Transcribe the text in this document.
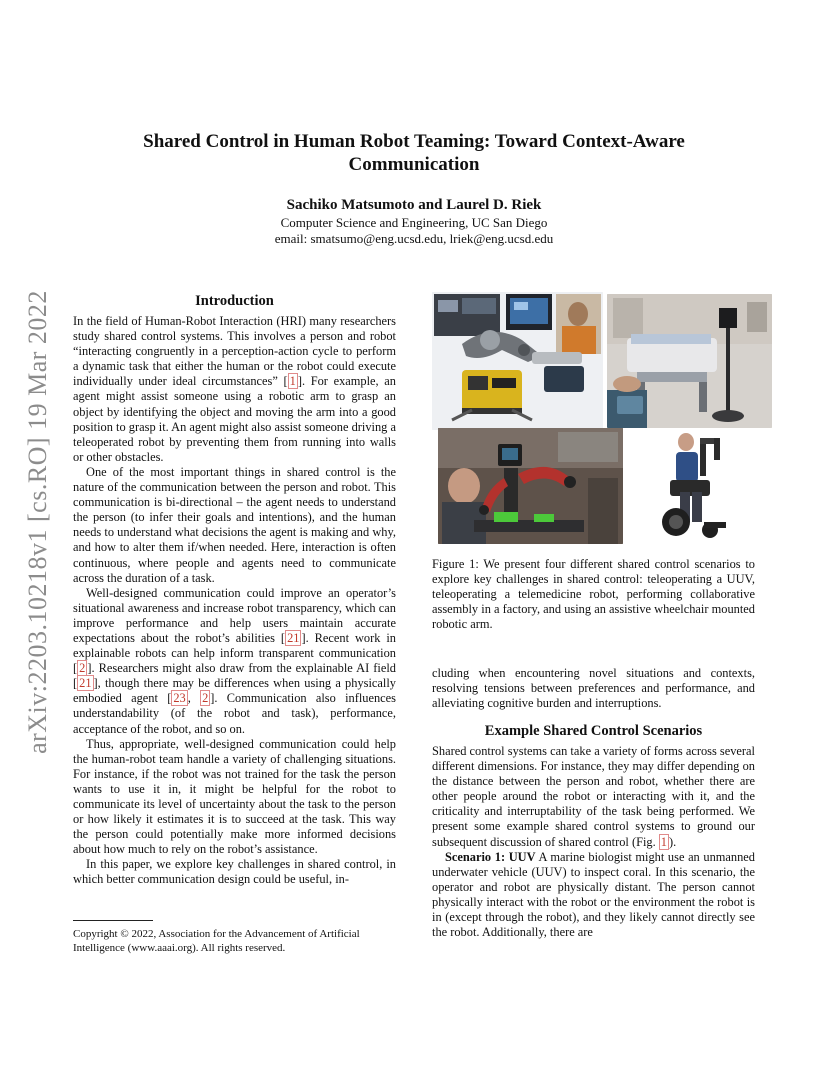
arXiv:2203.10218v1 [cs.RO] 19 Mar 2022
Shared Control in Human Robot Teaming: Toward Context-Aware
Communication
Sachiko Matsumoto and Laurel D. Riek
Computer Science and Engineering, UC San Diego
email: smatsumo@eng.ucsd.edu, lriek@eng.ucsd.edu
Introduction

In the field of Human-Robot Interaction (HRI) many researchers study shared control systems. This involves a person and robot “interacting congruently in a perception-action cycle to perform a dynamic task that either the human or the robot could execute individually under ideal circumstances” [ 1 ]. For example, an agent might assist someone using a robotic arm to grasp an object by identifying the object and moving the arm into a good position to grasp it. An agent might also assist someone driving a teleoperated robot by preventing them from running into walls or other obstacles.

One of the most important things in shared control is the nature of the communication between the person and robot. This communication is bi-directional – the agent needs to understand the person (to infer their goals and intentions), and the human needs to understand what decisions the agent is making and why, and how to alter them if/when needed. Here, interaction is often continuous, where people and agents need to communicate across the duration of a task.

Well-designed communication could improve an operator’s situational awareness and increase robot transparency, which can improve performance and help users maintain accurate expectations about the robot’s abilities [ 21 ]. Recent work in explainable robots can help inform transparent communication [ 2 ]. Researchers might also draw from the explainable AI field [ 21 ], though there may be differences when using a physically embodied agent [ 23 , 2 ]. Communication also influences understandability (of the robot and task), performance, acceptance of the robot, and so on.

Thus, appropriate, well-designed communication could help the human-robot team handle a variety of challenging situations. For instance, if the robot was not trained for the task the person wants to use it in, it might be helpful for the robot to communicate its level of uncertainty about the task to the person or how likely it estimates it is to succeed at the task. This way the person could potentially make more informed decisions about how much to rely on the robot’s assistance.

In this paper, we explore key challenges in shared control, in which better communication design could be useful, in-

Copyright © 2022, Association for the Advancement of Artificial Intelligence (www.aaai.org). All rights reserved.
Figure 1: We present four different shared control scenarios to explore key challenges in shared control: teleoperating a UUV, teleoperating a telemedicine robot, performing collaborative assembly in a factory, and using an assistive wheelchair mounted robotic arm.

cluding when encountering novel situations and contexts, resolving tensions between preferences and performance, and alleviating cognitive burden and interruptions.

Example Shared Control Scenarios

Shared control systems can take a variety of forms across several different dimensions. For instance, they may differ depending on the distance between the person and robot, whether there are other people around the robot or interacting with it, and the criticality and interruptability of the task being performed. We present some example shared control systems to ground our subsequent discussion of shared control (Fig. 1 ).

Scenario 1: UUV A marine biologist might use an unmanned underwater vehicle (UUV) to inspect coral. In this scenario, the operator and robot are physically distant. The person cannot physically interact with the robot or the environment the robot is in (except through the robot), and they likely cannot directly see the robot. Additionally, there are
